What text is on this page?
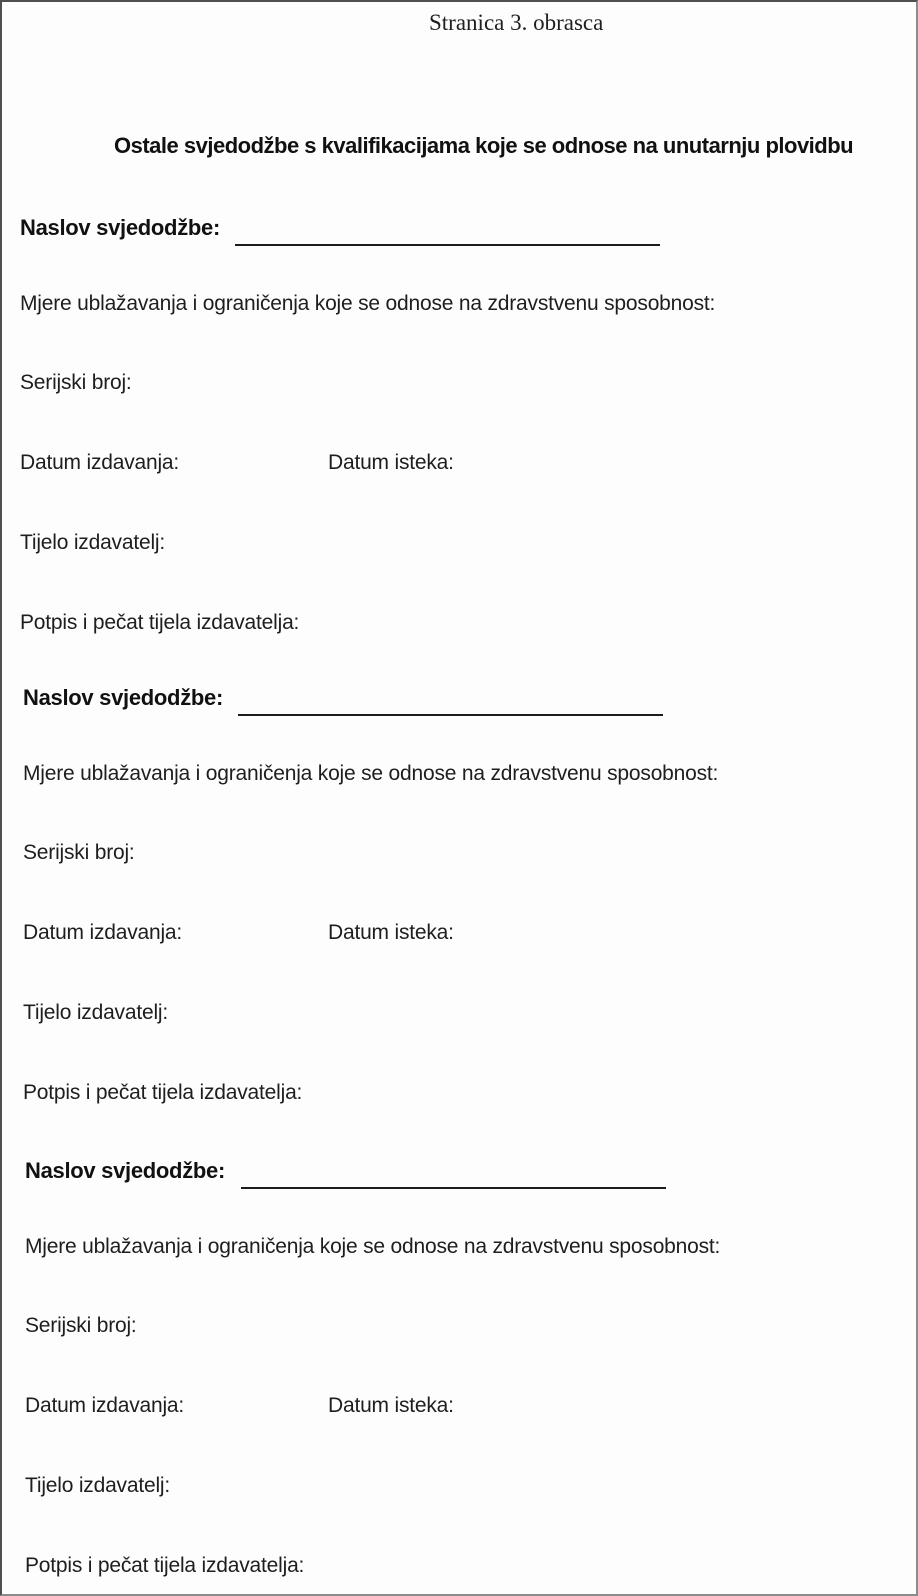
Stranica 3. obrasca
Ostale svjedodžbe s kvalifikacijama koje se odnose na unutarnju plovidbu
Naslov svjedodžbe:
Mjere ublažavanja i ograničenja koje se odnose na zdravstvenu sposobnost:
Serijski broj:
Datum izdavanja:	Datum isteka:
Tijelo izdavatelj:
Potpis i pečat tijela izdavatelja:
Naslov svjedodžbe:
Mjere ublažavanja i ograničenja koje se odnose na zdravstvenu sposobnost:
Serijski broj:
Datum izdavanja:	Datum isteka:
Tijelo izdavatelj:
Potpis i pečat tijela izdavatelja:
Naslov svjedodžbe:
Mjere ublažavanja i ograničenja koje se odnose na zdravstvenu sposobnost:
Serijski broj:
Datum izdavanja:	Datum isteka:
Tijelo izdavatelj:
Potpis i pečat tijela izdavatelja:
